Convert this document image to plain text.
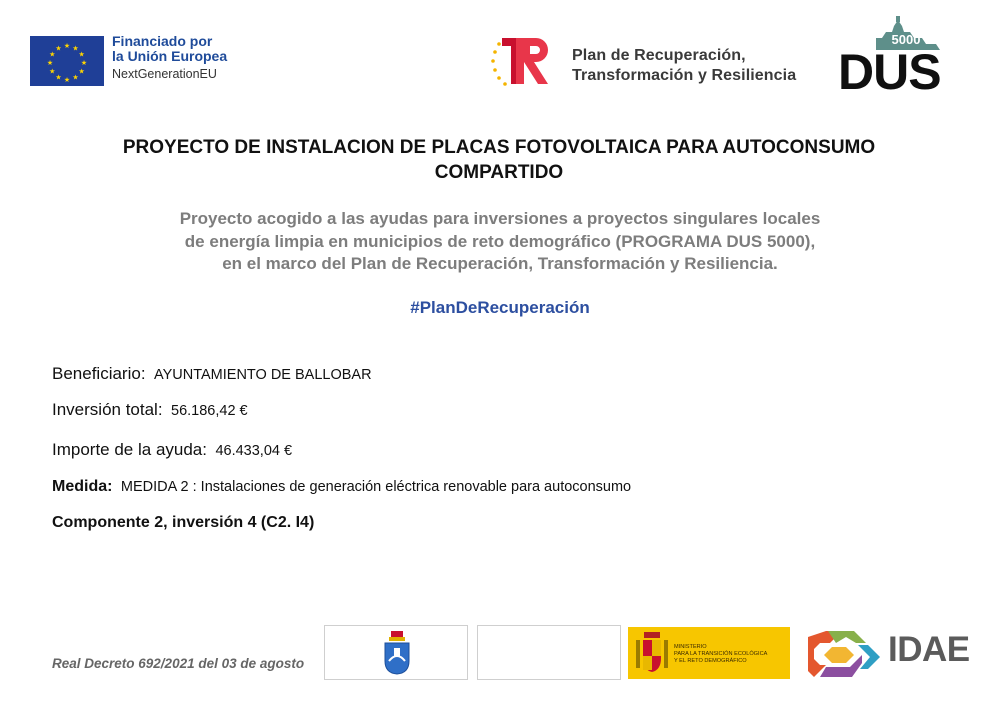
★ ★
★
★
★
★
★
★
★
★
★
★	Financiado por
la Unión Europea
NextGenerationEU
Plan de Recuperación,
Transformación y Resiliencia
5000
DUS
PROYECTO DE INSTALACION DE PLACAS FOTOVOLTAICA PARA AUTOCONSUMO COMPARTIDO
Proyecto acogido a las ayudas para inversiones a proyectos singulares locales
de energía limpia en municipios de reto demográfico (PROGRAMA DUS 5000),
en el marco del Plan de Recuperación, Transformación y Resiliencia.
#PlanDeRecuperación
Beneficiario: AYUNTAMIENTO DE BALLOBAR
Inversión total: 56.186,42 €
Importe de la ayuda: 46.433,04 €
Medida: MEDIDA 2 : Instalaciones de generación eléctrica renovable para autoconsumo
Componente 2, inversión 4 (C2. I4)
Real Decreto 692/2021 del 03 de agosto
MINISTERIO
PARA LA TRANSICIÓN ECOLÓGICA
Y EL RETO DEMOGRÁFICO	IDAE
